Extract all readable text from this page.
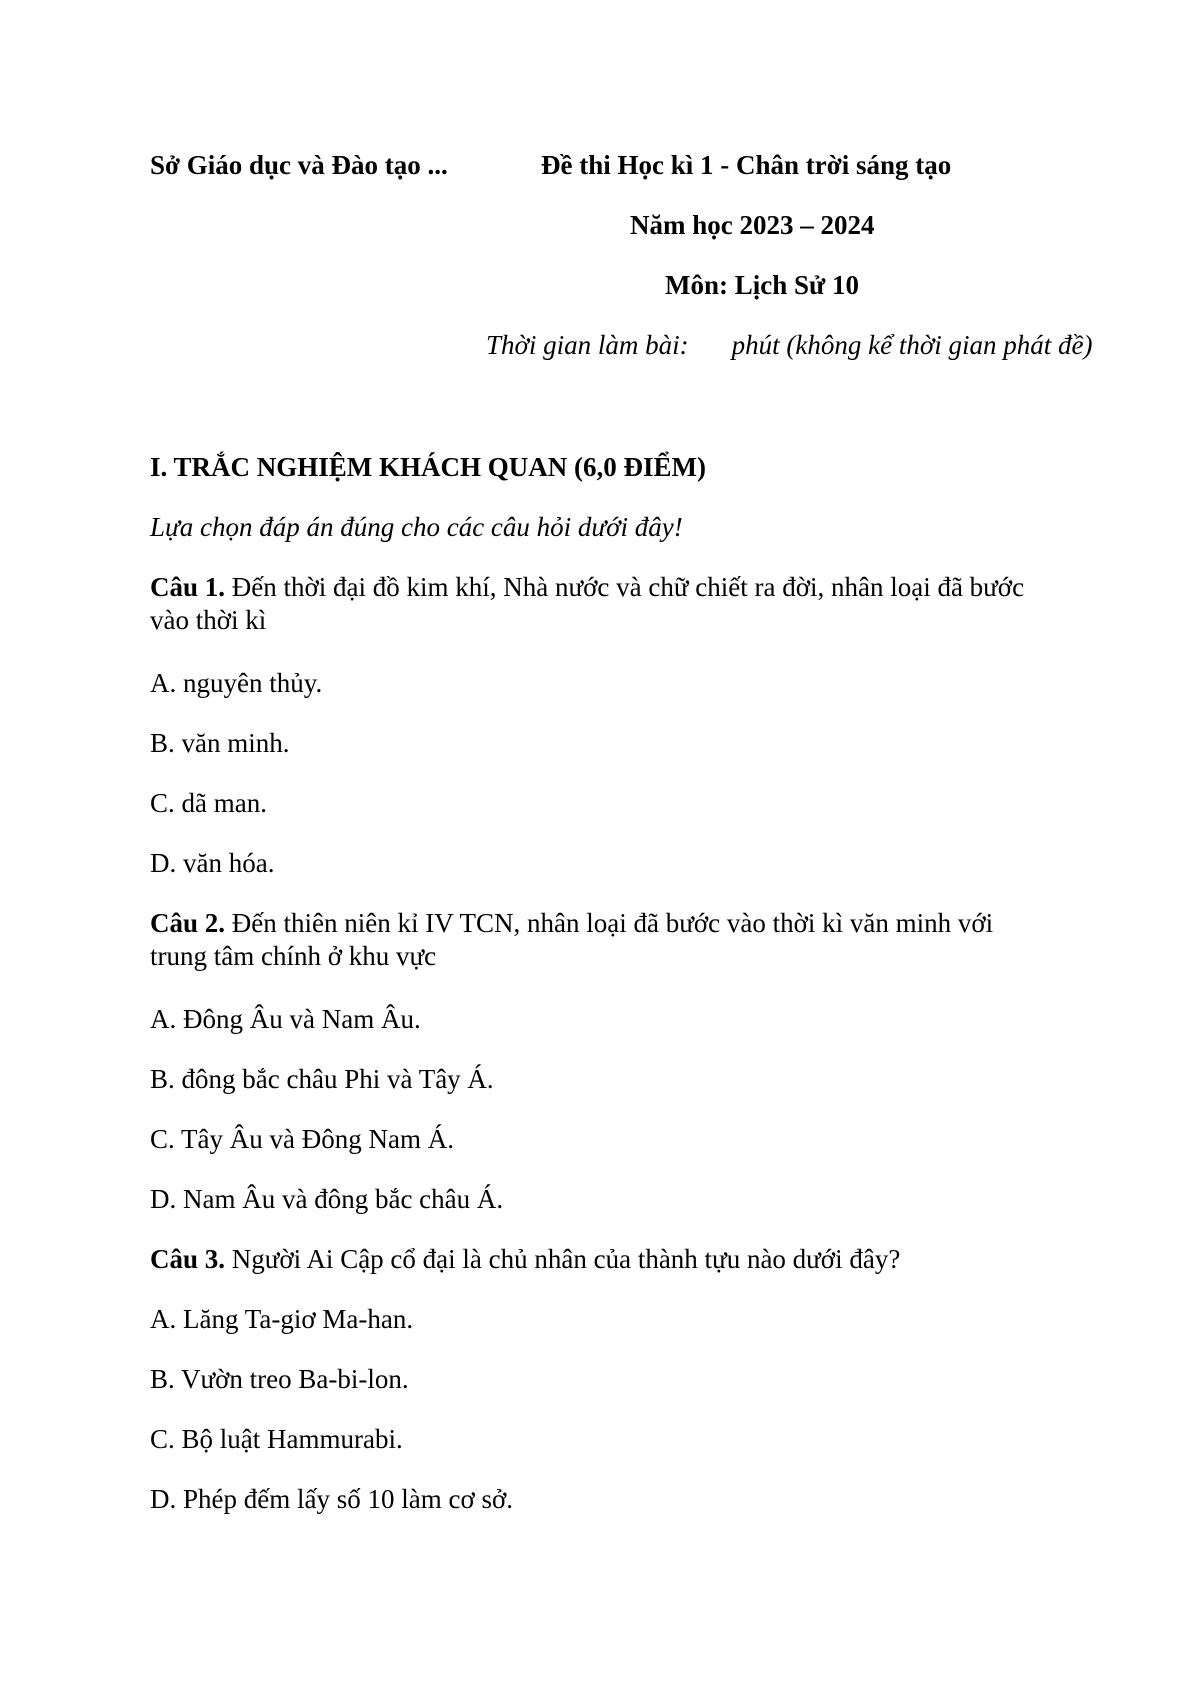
Sở Giáo dục và Đào tạo ...	Đề thi Học kì 1 - Chân trời sáng tạo
Năm học 2023 – 2024
Môn: Lịch Sử 10
Thời gian làm bài: phút (không kể thời gian phát đề)
I. TRẮC NGHIỆM KHÁCH QUAN (6,0 ĐIỂM)
Lựa chọn đáp án đúng cho các câu hỏi dưới đây!
Câu 1. Đến thời đại đồ kim khí, Nhà nước và chữ chiết ra đời, nhân loại đã bước vào thời kì
A. nguyên thủy.
B. văn minh.
C. dã man.
D. văn hóa.
Câu 2. Đến thiên niên kỉ IV TCN, nhân loại đã bước vào thời kì văn minh với trung tâm chính ở khu vực
A. Đông Âu và Nam Âu.
B. đông bắc châu Phi và Tây Á.
C. Tây Âu và Đông Nam Á.
D. Nam Âu và đông bắc châu Á.
Câu 3. Người Ai Cập cổ đại là chủ nhân của thành tựu nào dưới đây?
A. Lăng Ta-giơ Ma-han.
B. Vườn treo Ba-bi-lon.
C. Bộ luật Hammurabi.
D. Phép đếm lấy số 10 làm cơ sở.
